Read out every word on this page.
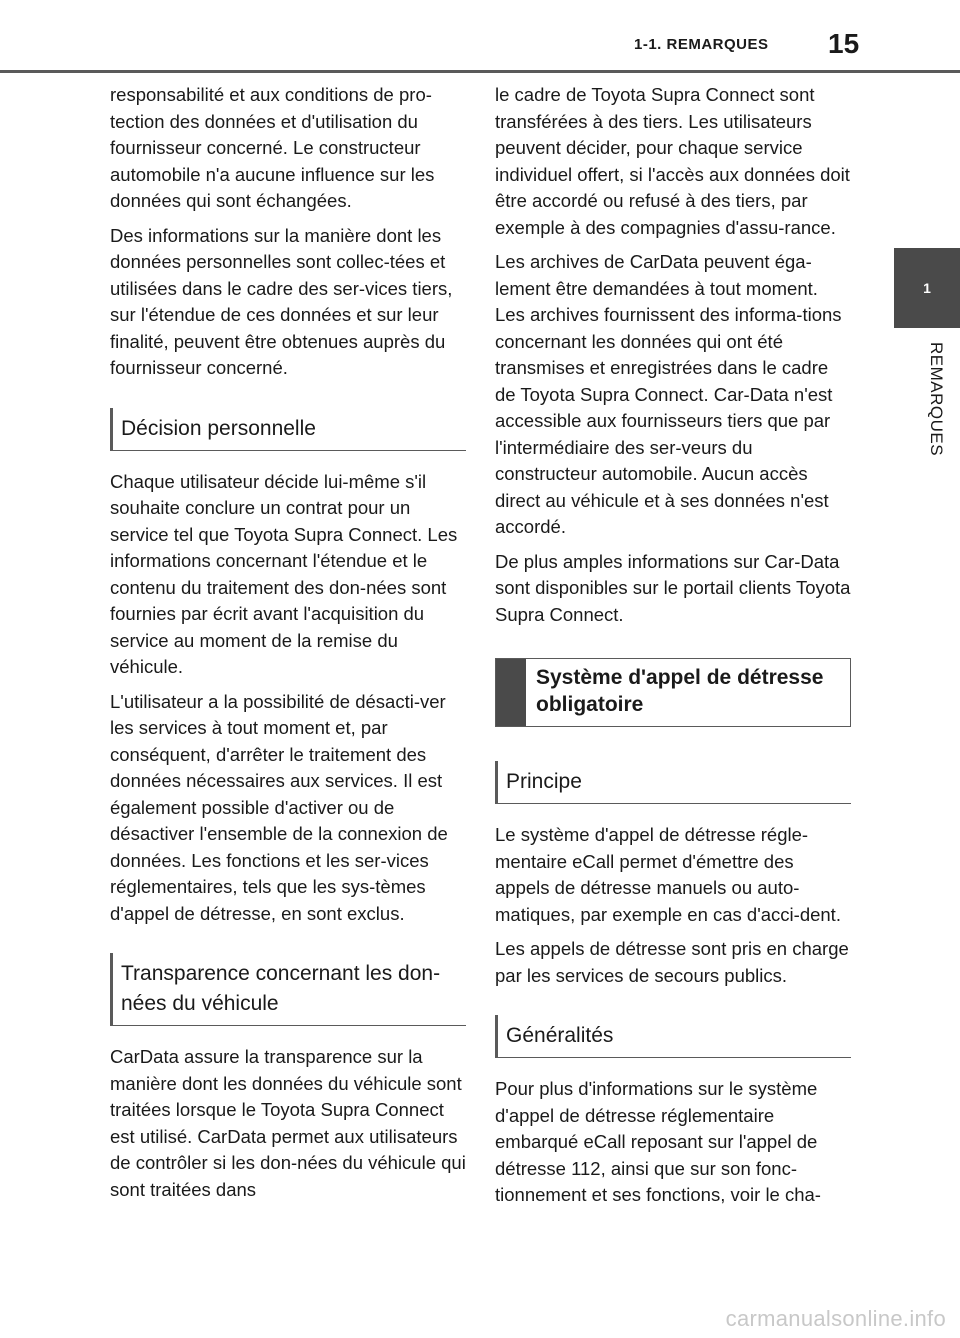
1-1. REMARQUES 15
1
REMARQUES

responsabilité et aux conditions de pro-tection des données et d'utilisation du fournisseur concerné. Le constructeur automobile n'a aucune influence sur les données qui sont échangées.

Des informations sur la manière dont les données personnelles sont collec-tées et utilisées dans le cadre des ser-vices tiers, sur l'étendue de ces données et sur leur finalité, peuvent être obtenues auprès du fournisseur concerné.

Décision personnelle

Chaque utilisateur décide lui-même s'il souhaite conclure un contrat pour un service tel que Toyota Supra Connect. Les informations concernant l'étendue et le contenu du traitement des don-nées sont fournies par écrit avant l'acquisition du service au moment de la remise du véhicule.

L'utilisateur a la possibilité de désacti-ver les services à tout moment et, par conséquent, d'arrêter le traitement des données nécessaires aux services. Il est également possible d'activer ou de désactiver l'ensemble de la connexion de données. Les fonctions et les ser-vices réglementaires, tels que les sys-tèmes d'appel de détresse, en sont exclus.

Transparence concernant les don-nées du véhicule

CarData assure la transparence sur la manière dont les données du véhicule sont traitées lorsque le Toyota Supra Connect est utilisé. CarData permet aux utilisateurs de contrôler si les don-nées du véhicule qui sont traitées dans

le cadre de Toyota Supra Connect sont transférées à des tiers. Les utilisateurs peuvent décider, pour chaque service individuel offert, si l'accès aux données doit être accordé ou refusé à des tiers, par exemple à des compagnies d'assu-rance.

Les archives de CarData peuvent éga-lement être demandées à tout moment. Les archives fournissent des informa-tions concernant les données qui ont été transmises et enregistrées dans le cadre de Toyota Supra Connect. Car-Data n'est accessible aux fournisseurs tiers que par l'intermédiaire des ser-veurs du constructeur automobile. Aucun accès direct au véhicule et à ses données n'est accordé.

De plus amples informations sur Car-Data sont disponibles sur le portail clients Toyota Supra Connect.

Système d'appel de détresse obligatoire
Principe

Le système d'appel de détresse régle-mentaire eCall permet d'émettre des appels de détresse manuels ou auto-matiques, par exemple en cas d'acci-dent.

Les appels de détresse sont pris en charge par les services de secours publics.

Généralités

Pour plus d'informations sur le système d'appel de détresse réglementaire embarqué eCall reposant sur l'appel de détresse 112, ainsi que sur son fonc-tionnement et ses fonctions, voir le cha-

carmanualsonline.info
